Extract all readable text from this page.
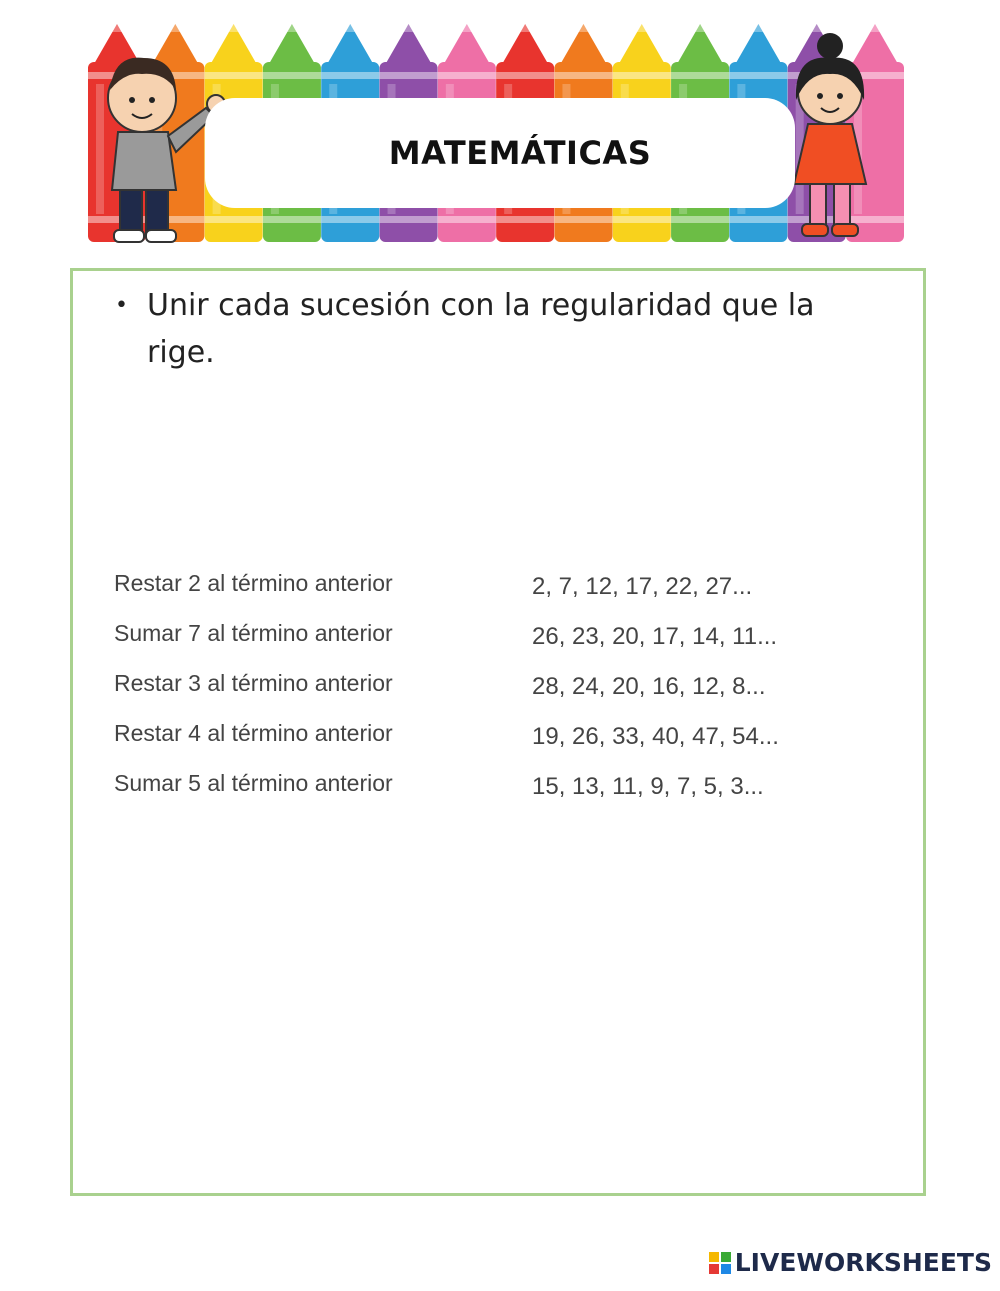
MATEMÁTICAS
• Unir cada sucesión con la regularidad que la rige.
Restar 2 al término anterior
Sumar 7 al término anterior
Restar 3 al término anterior
Restar 4 al término anterior
Sumar 5 al término anterior
2, 7, 12, 17, 22, 27...
26, 23, 20, 17, 14, 11...
28, 24, 20, 16, 12, 8...
19, 26, 33, 40, 47, 54...
15, 13, 11, 9, 7, 5, 3...
LIVEWORKSHEETS
